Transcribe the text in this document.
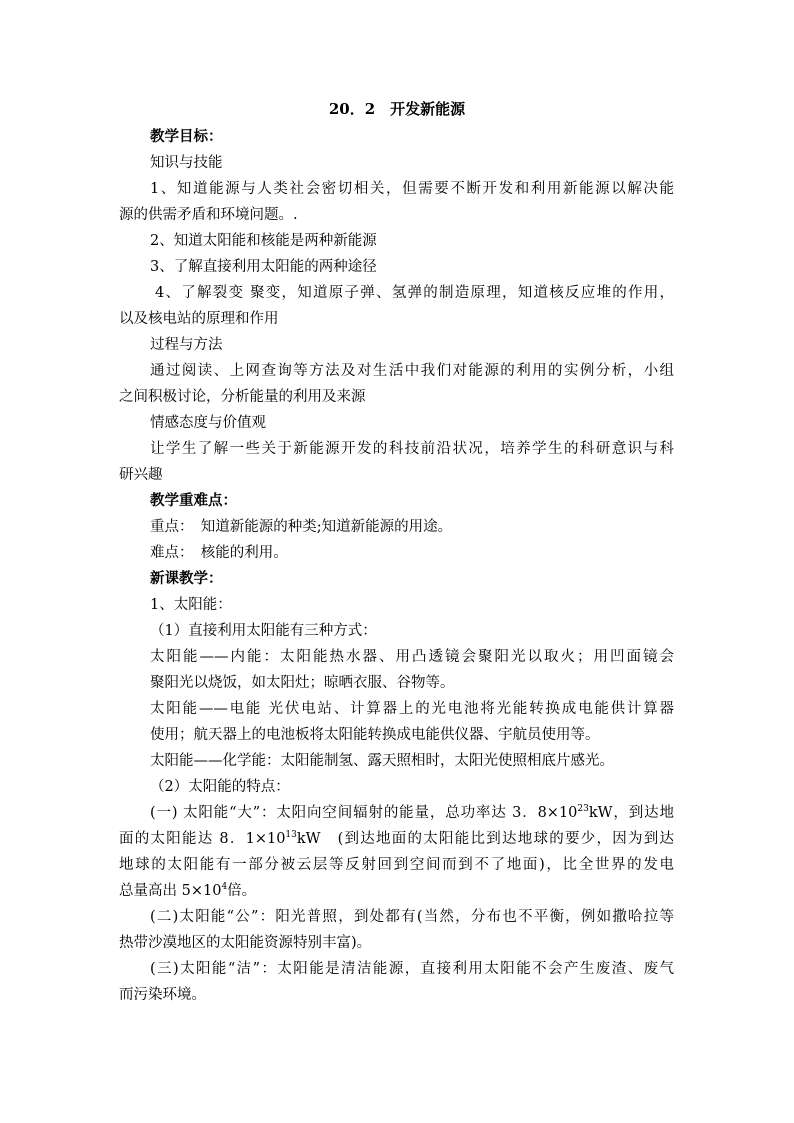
20．2　开发新能源
教学目标：
知识与技能
1、知道能源与人类社会密切相关，但需要不断开发和利用新能源以解决能
源的供需矛盾和环境问题。.
2、知道太阳能和核能是两种新能源
3、了解直接利用太阳能的两种途径
4、了解裂变 聚变，知道原子弹、氢弹的制造原理，知道核反应堆的作用，
以及核电站的原理和作用
过程与方法
通过阅读、上网查询等方法及对生活中我们对能源的利用的实例分析，小组
之间积极讨论，分析能量的利用及来源
情感态度与价值观
让学生了解一些关于新能源开发的科技前沿状况，培养学生的科研意识与科
研兴趣
教学重难点：
重点：　知道新能源的种类;知道新能源的用途。
难点：　核能的利用。
新课教学：
1、太阳能：
（1）直接利用太阳能有三种方式：
太阳能——内能：太阳能热水器、用凸透镜会聚阳光以取火；用凹面镜会
聚阳光以烧饭，如太阳灶；晾晒衣服、谷物等。
太阳能——电能 光伏电站、计算器上的光电池将光能转换成电能供计算器
使用；航天器上的电池板将太阳能转换成电能供仪器、宇航员使用等。
太阳能——化学能：太阳能制氢、露天照相时，太阳光使照相底片感光。
（2）太阳能的特点：
(一) 太阳能“大”：太阳向空间辐射的能量，总功率达 3．$8\times 10^{23}kW$，到达地
面的太阳能达 8．$1\times 10^{13}kW$　(到达地面的太阳能比到达地球的要少，因为到达
地球的太阳能有一部分被云层等反射回到空间而到不了地面)，比全世界的发电
总量高出 $5\times 10^4$倍。
(二)太阳能“公”：阳光普照，到处都有(当然，分布也不平衡，例如撒哈拉等
热带沙漠地区的太阳能资源特别丰富)。
(三)太阳能“洁”：太阳能是清洁能源，直接利用太阳能不会产生废渣、废气
而污染环境。
